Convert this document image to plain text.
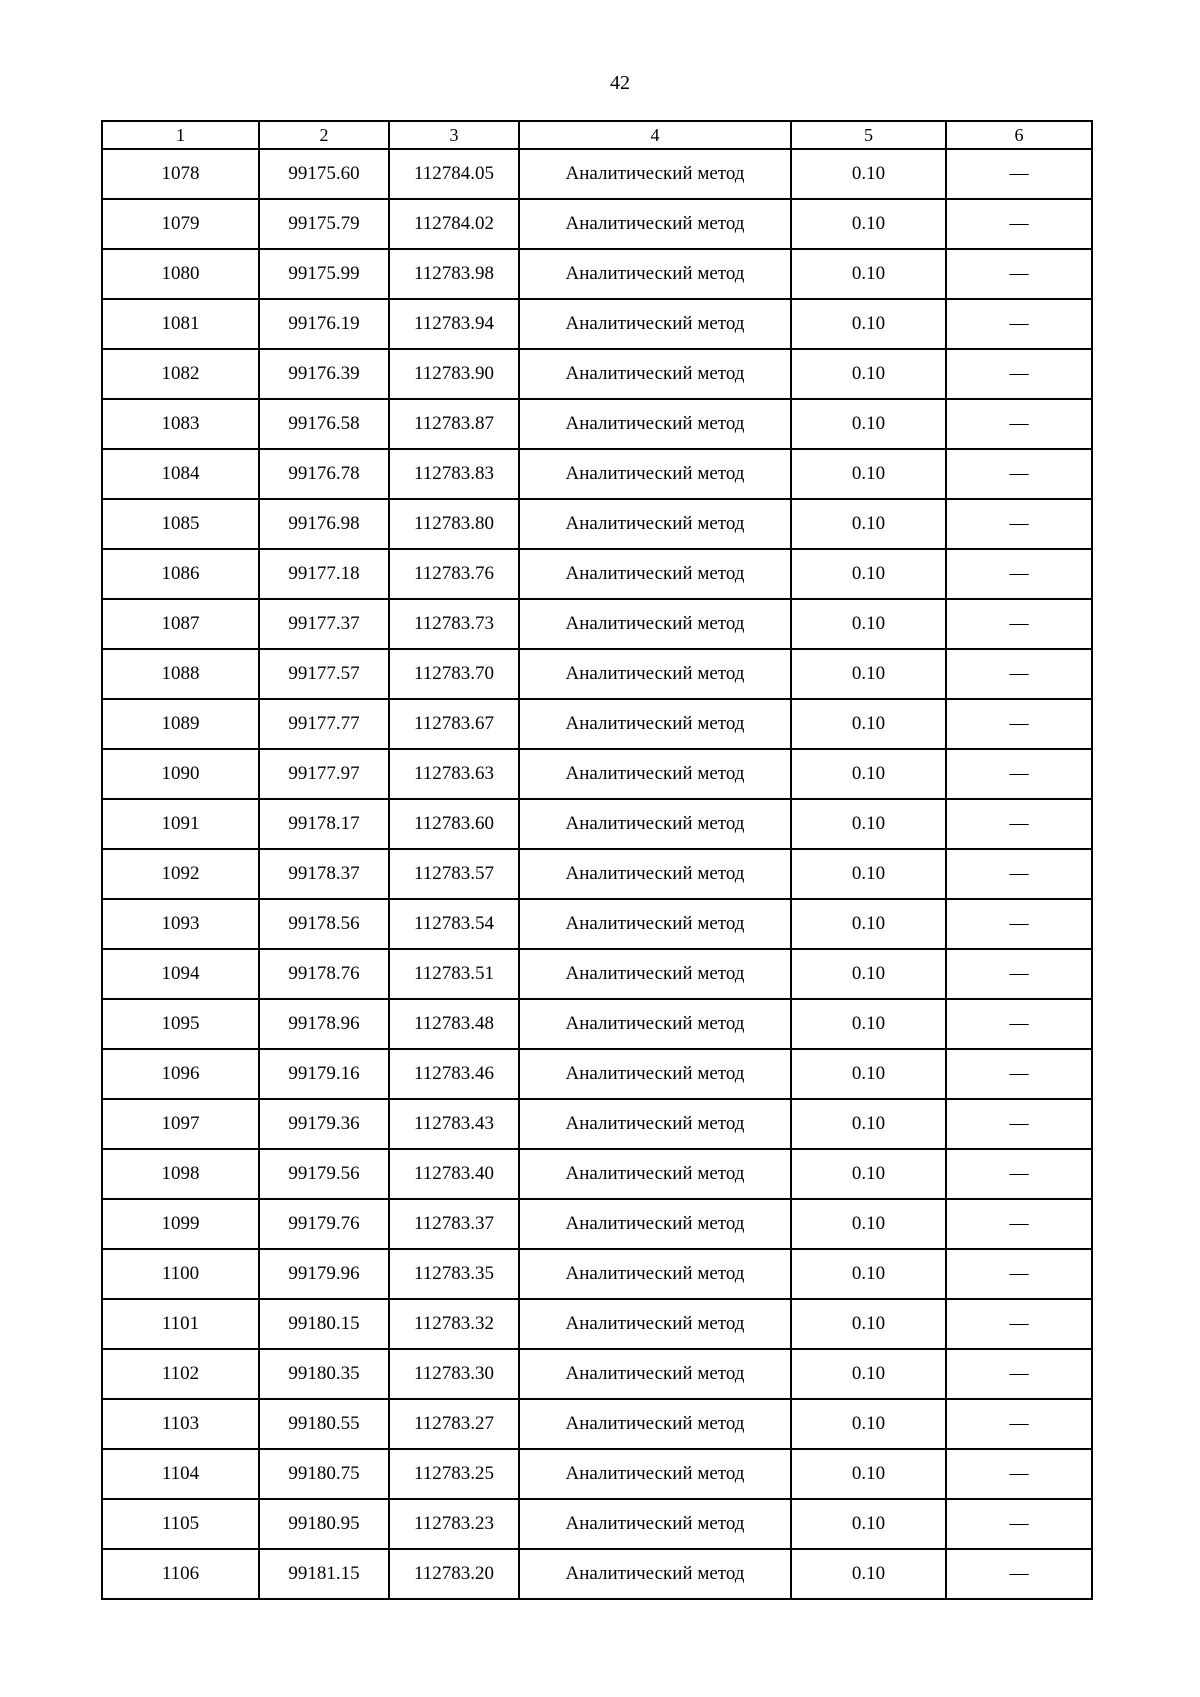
42
1	2	3	4	5	6
1078	99175.60	112784.05	Аналитический метод	0.10	—
1079	99175.79	112784.02	Аналитический метод	0.10	—
1080	99175.99	112783.98	Аналитический метод	0.10	—
1081	99176.19	112783.94	Аналитический метод	0.10	—
1082	99176.39	112783.90	Аналитический метод	0.10	—
1083	99176.58	112783.87	Аналитический метод	0.10	—
1084	99176.78	112783.83	Аналитический метод	0.10	—
1085	99176.98	112783.80	Аналитический метод	0.10	—
1086	99177.18	112783.76	Аналитический метод	0.10	—
1087	99177.37	112783.73	Аналитический метод	0.10	—
1088	99177.57	112783.70	Аналитический метод	0.10	—
1089	99177.77	112783.67	Аналитический метод	0.10	—
1090	99177.97	112783.63	Аналитический метод	0.10	—
1091	99178.17	112783.60	Аналитический метод	0.10	—
1092	99178.37	112783.57	Аналитический метод	0.10	—
1093	99178.56	112783.54	Аналитический метод	0.10	—
1094	99178.76	112783.51	Аналитический метод	0.10	—
1095	99178.96	112783.48	Аналитический метод	0.10	—
1096	99179.16	112783.46	Аналитический метод	0.10	—
1097	99179.36	112783.43	Аналитический метод	0.10	—
1098	99179.56	112783.40	Аналитический метод	0.10	—
1099	99179.76	112783.37	Аналитический метод	0.10	—
1100	99179.96	112783.35	Аналитический метод	0.10	—
1101	99180.15	112783.32	Аналитический метод	0.10	—
1102	99180.35	112783.30	Аналитический метод	0.10	—
1103	99180.55	112783.27	Аналитический метод	0.10	—
1104	99180.75	112783.25	Аналитический метод	0.10	—
1105	99180.95	112783.23	Аналитический метод	0.10	—
1106	99181.15	112783.20	Аналитический метод	0.10	—
